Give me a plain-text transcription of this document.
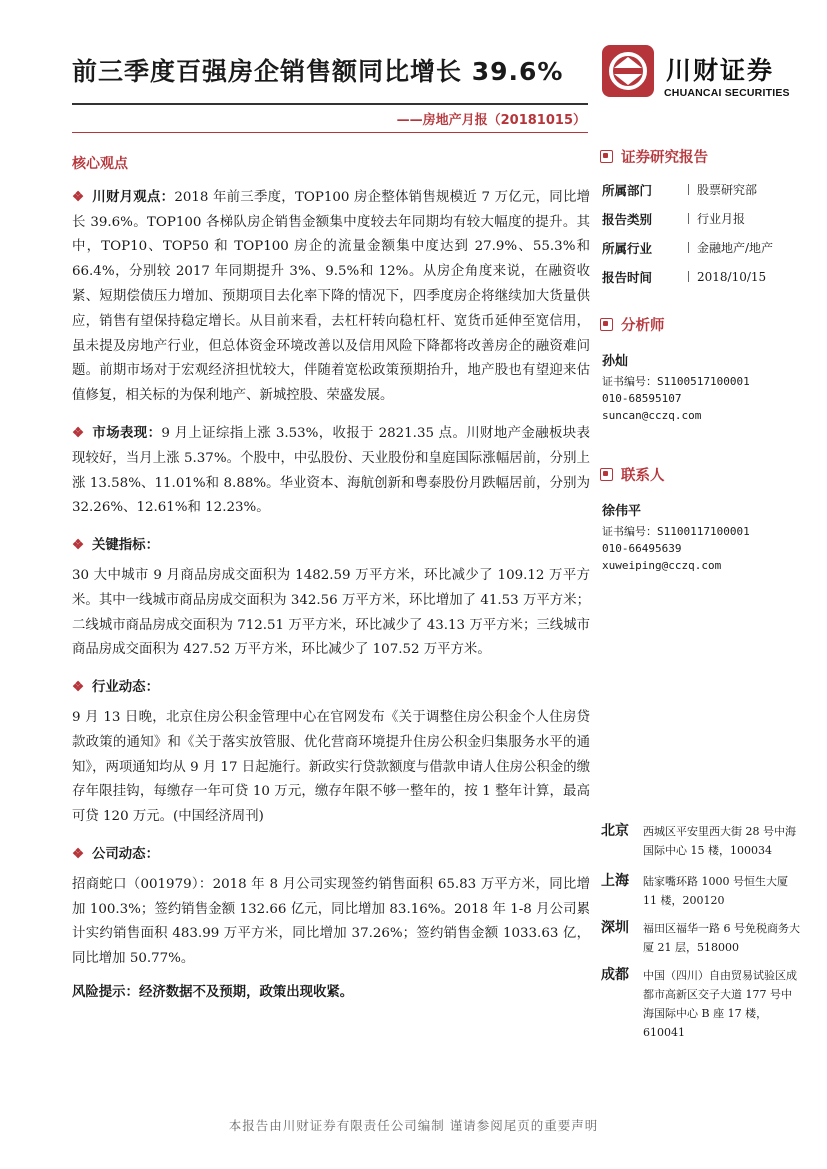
前三季度百强房企销售额同比增长 39.6%
——房地产月报（20181015）
川财证券
CHUANCAI SECURITIES
核心观点

❖ 川财月观点：2018 年前三季度，TOP100 房企整体销售规模近 7 万亿元，同比增长 39.6%。TOP100 各梯队房企销售金额集中度较去年同期均有较大幅度的提升。其中，TOP10、TOP50 和 TOP100 房企的流量金额集中度达到 27.9%、55.3%和 66.4%，分别较 2017 年同期提升 3%、9.5%和 12%。从房企角度来说，在融资收紧、短期偿债压力增加、预期项目去化率下降的情况下，四季度房企将继续加大货量供应，销售有望保持稳定增长。从目前来看，去杠杆转向稳杠杆、宽货币延伸至宽信用，虽未提及房地产行业，但总体资金环境改善以及信用风险下降都将改善房企的融资难问题。前期市场对于宏观经济担忧较大，伴随着宽松政策预期抬升，地产股也有望迎来估值修复，相关标的为保利地产、新城控股、荣盛发展。

❖ 市场表现：9 月上证综指上涨 3.53%，收报于 2821.35 点。川财地产金融板块表现较好，当月上涨 5.37%。个股中，中弘股份、天业股份和皇庭国际涨幅居前，分别上涨 13.58%、11.01%和 8.88%。华业资本、海航创新和粤泰股份月跌幅居前，分别为 32.26%、12.61%和 12.23%。

❖ 关键指标：

30 大中城市 9 月商品房成交面积为 1482.59 万平方米，环比减少了 109.12 万平方米。其中一线城市商品房成交面积为 342.56 万平方米，环比增加了 41.53 万平方米；二线城市商品房成交面积为 712.51 万平方米，环比减少了 43.13 万平方米；三线城市商品房成交面积为 427.52 万平方米，环比减少了 107.52 万平方米。

❖ 行业动态：

9 月 13 日晚，北京住房公积金管理中心在官网发布《关于调整住房公积金个人住房贷款政策的通知》和《关于落实放管服、优化营商环境提升住房公积金归集服务水平的通知》，两项通知均从 9 月 17 日起施行。新政实行贷款额度与借款申请人住房公积金的缴存年限挂钩，每缴存一年可贷 10 万元，缴存年限不够一整年的，按 1 整年计算，最高可贷 120 万元。(中国经济周刊)

❖ 公司动态：

招商蛇口（001979）：2018 年 8 月公司实现签约销售面积 65.83 万平方米，同比增加 100.3%；签约销售金额 132.66 亿元，同比增加 83.16%。2018 年 1-8 月公司累计实约销售面积 483.99 万平方米，同比增加 37.26%；签约销售金额 1033.63 亿，同比增加 50.77%。

风险提示：经济数据不及预期，政策出现收紧。
证券研究报告
所属部门	股票研究部
报告类别	行业月报
所属行业	金融地产/地产
报告时间	2018/10/15
分析师
孙灿
证书编号：S1100517100001
010-68595107
suncan@cczq.com
联系人
徐伟平
证书编号：S1100117100001
010-66495639
xuweiping@cczq.com
北京 西城区平安里西大街 28 号中海国际中心 15 楼，100034
上海 陆家嘴环路 1000 号恒生大厦 11 楼，200120
深圳 福田区福华一路 6 号免税商务大厦 21 层，518000
成都 中国（四川）自由贸易试验区成都市高新区交子大道 177 号中海国际中心 B 座 17 楼，610041
本报告由川财证券有限责任公司编制 谨请参阅尾页的重要声明
